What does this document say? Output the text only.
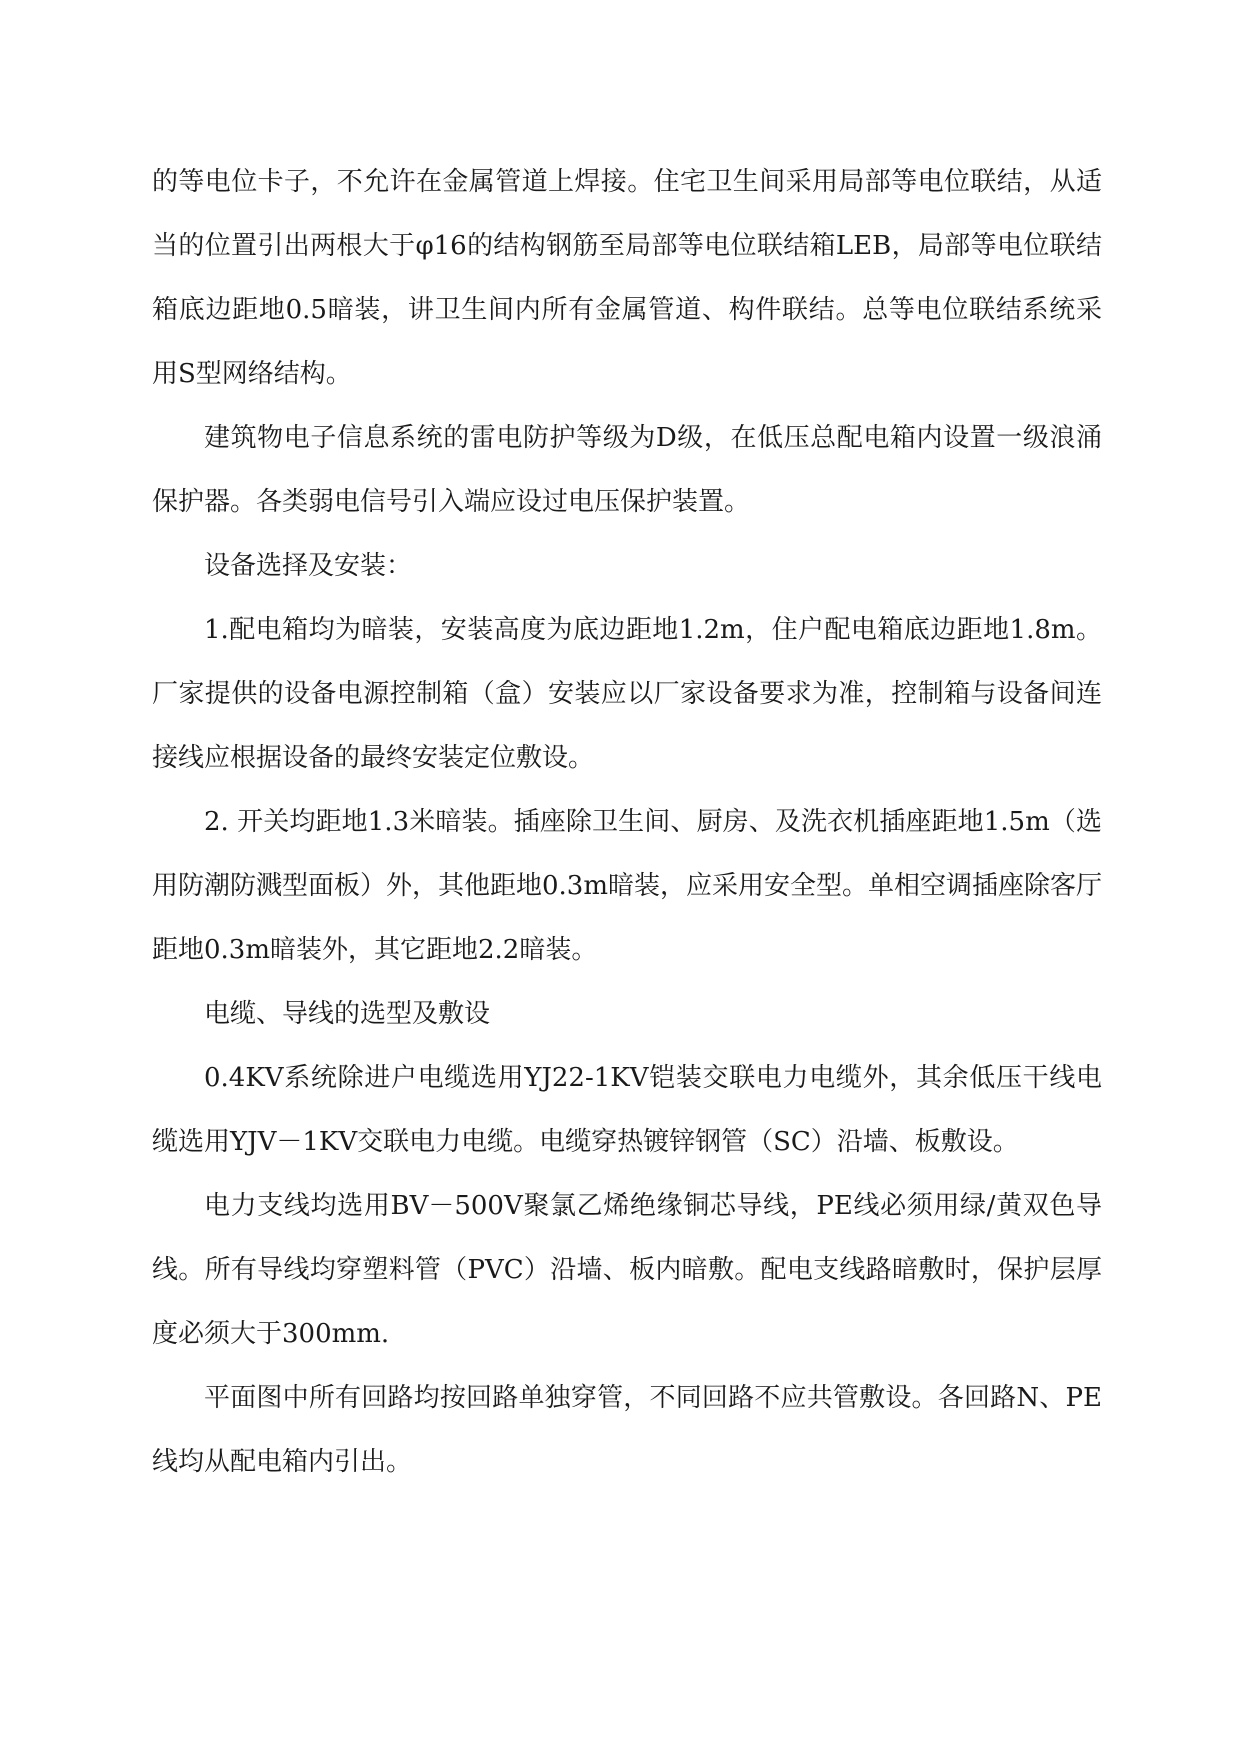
的等电位卡子，不允许在金属管道上焊接。住宅卫生间采用局部等电位联结，从适当的位置引出两根大于φ16的结构钢筋至局部等电位联结箱LEB，局部等电位联结箱底边距地0.5暗装，讲卫生间内所有金属管道、构件联结。总等电位联结系统采用S型网络结构。

建筑物电子信息系统的雷电防护等级为D级，在低压总配电箱内设置一级浪涌保护器。各类弱电信号引入端应设过电压保护装置。

设备选择及安装：

1.配电箱均为暗装，安装高度为底边距地1.2m，住户配电箱底边距地1.8m。厂家提供的设备电源控制箱（盒）安装应以厂家设备要求为准，控制箱与设备间连接线应根据设备的最终安装定位敷设。

2. 开关均距地1.3米暗装。插座除卫生间、厨房、及洗衣机插座距地1.5m（选用防潮防溅型面板）外，其他距地0.3m暗装，应采用安全型。单相空调插座除客厅距地0.3m暗装外，其它距地2.2暗装。

电缆、导线的选型及敷设

0.4KV系统除进户电缆选用YJ22-1KV铠装交联电力电缆外，其余低压干线电缆选用YJV－1KV交联电力电缆。电缆穿热镀锌钢管（SC）沿墙、板敷设。

电力支线均选用BV－500V聚氯乙烯绝缘铜芯导线，PE线必须用绿/黄双色导线。所有导线均穿塑料管（PVC）沿墙、板内暗敷。配电支线路暗敷时，保护层厚度必须大于300mm.

平面图中所有回路均按回路单独穿管，不同回路不应共管敷设。各回路N、PE线均从配电箱内引出。
